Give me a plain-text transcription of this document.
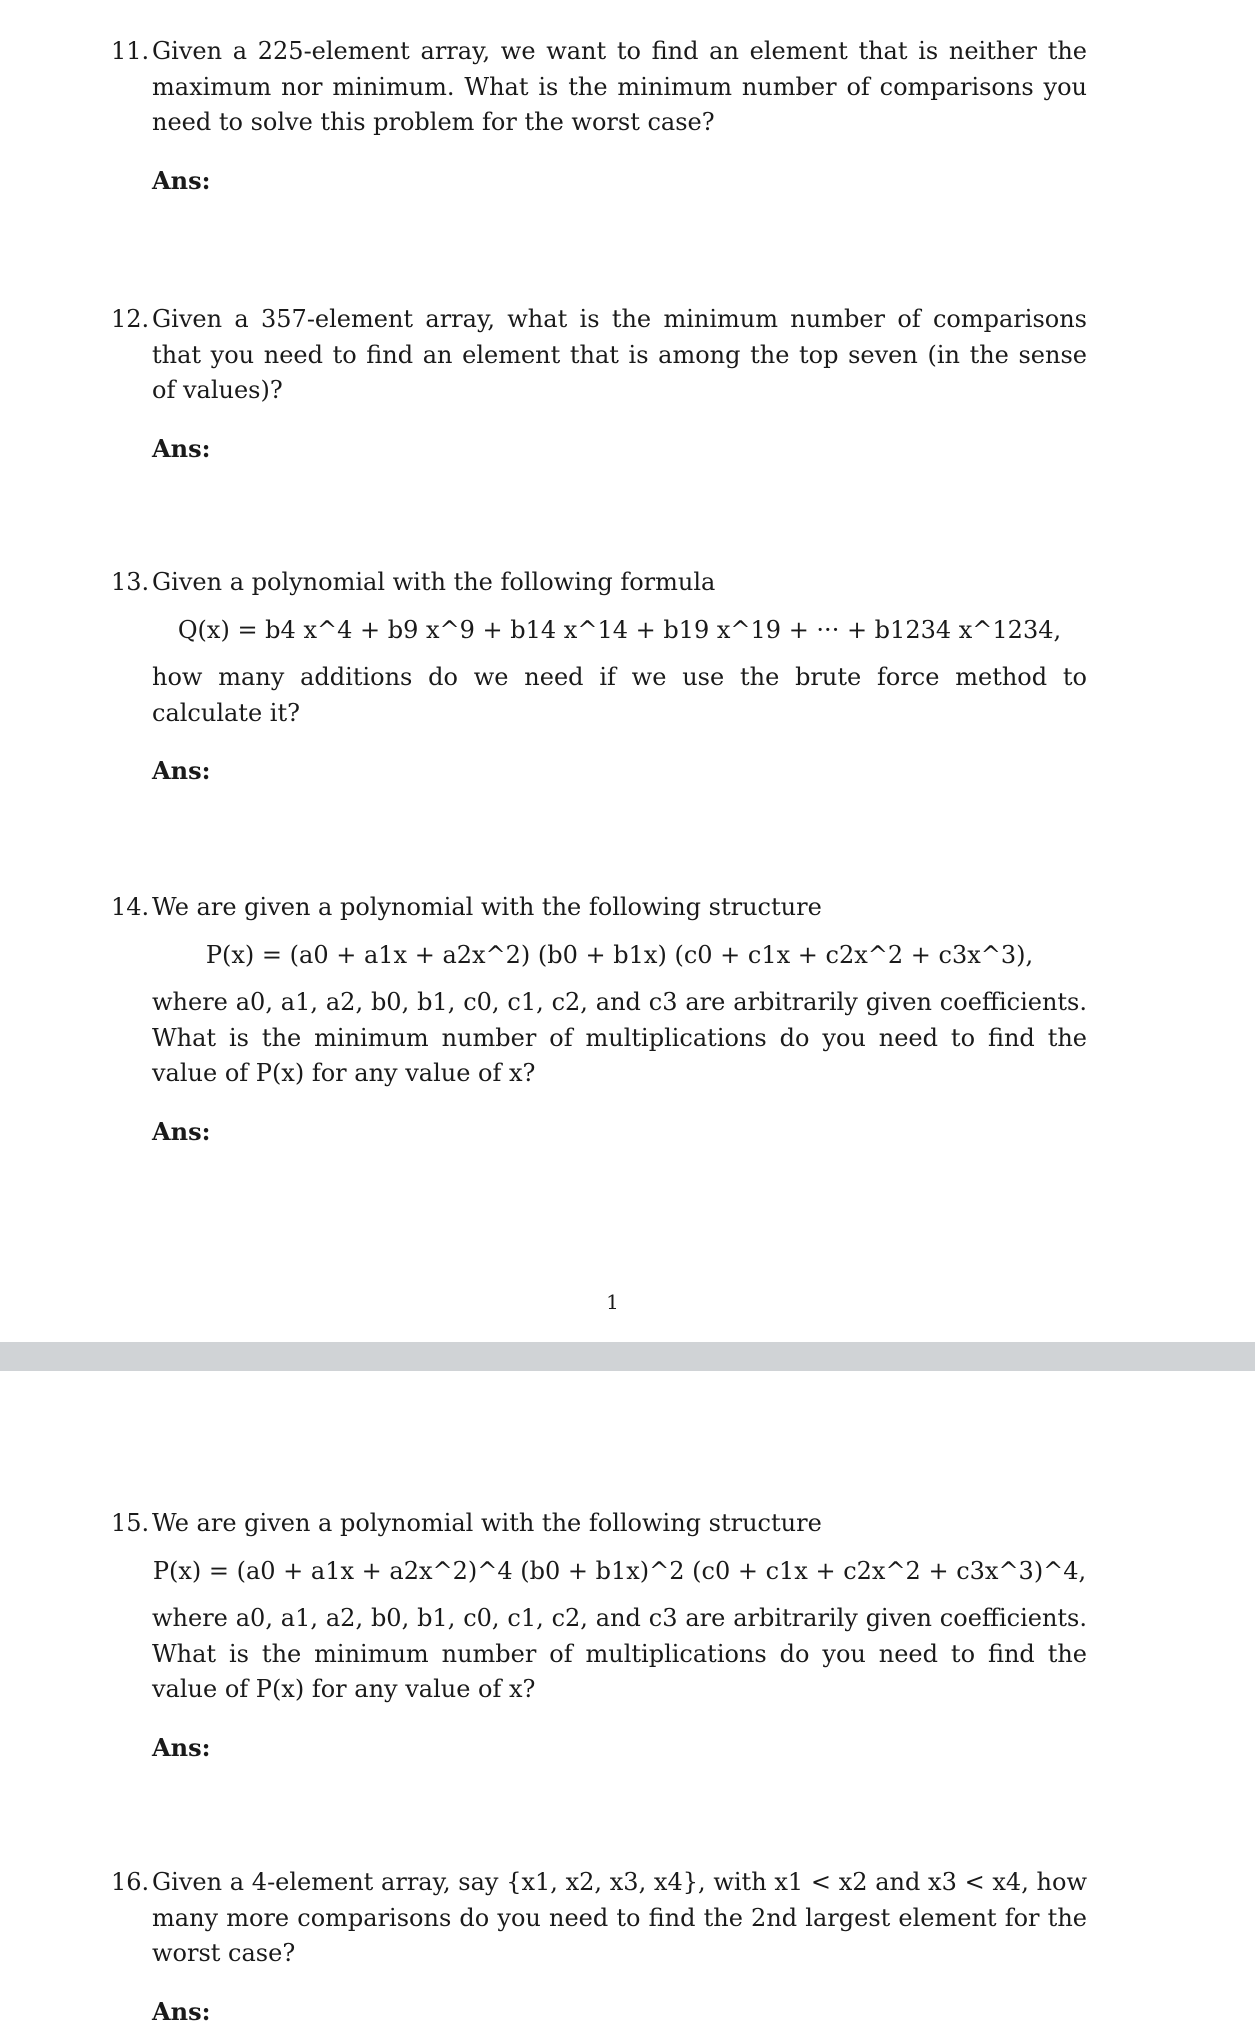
11. Given a 225-element array, we want to find an element that is neither the maximum nor minimum. What is the minimum number of comparisons you need to solve this problem for the worst case?
Ans:
12. Given a 357-element array, what is the minimum number of comparisons that you need to find an element that is among the top seven (in the sense of values)?
Ans:
13. Given a polynomial with the following formula
Q(x) = b4 x^4 + b9 x^9 + b14 x^14 + b19 x^19 + ··· + b1234 x^1234,
how many additions do we need if we use the brute force method to calculate it?
Ans:
14. We are given a polynomial with the following structure
P(x) = (a0 + a1x + a2x^2) (b0 + b1x) (c0 + c1x + c2x^2 + c3x^3),
where a0, a1, a2, b0, b1, c0, c1, c2, and c3 are arbitrarily given coefficients. What is the minimum number of multiplications do you need to find the value of P(x) for any value of x?
Ans:
1
15. We are given a polynomial with the following structure
P(x) = (a0 + a1x + a2x^2)^4 (b0 + b1x)^2 (c0 + c1x + c2x^2 + c3x^3)^4,
where a0, a1, a2, b0, b1, c0, c1, c2, and c3 are arbitrarily given coefficients. What is the minimum number of multiplications do you need to find the value of P(x) for any value of x?
Ans:
16. Given a 4-element array, say {x1, x2, x3, x4}, with x1 < x2 and x3 < x4, how many more comparisons do you need to find the 2nd largest element for the worst case?
Ans:
